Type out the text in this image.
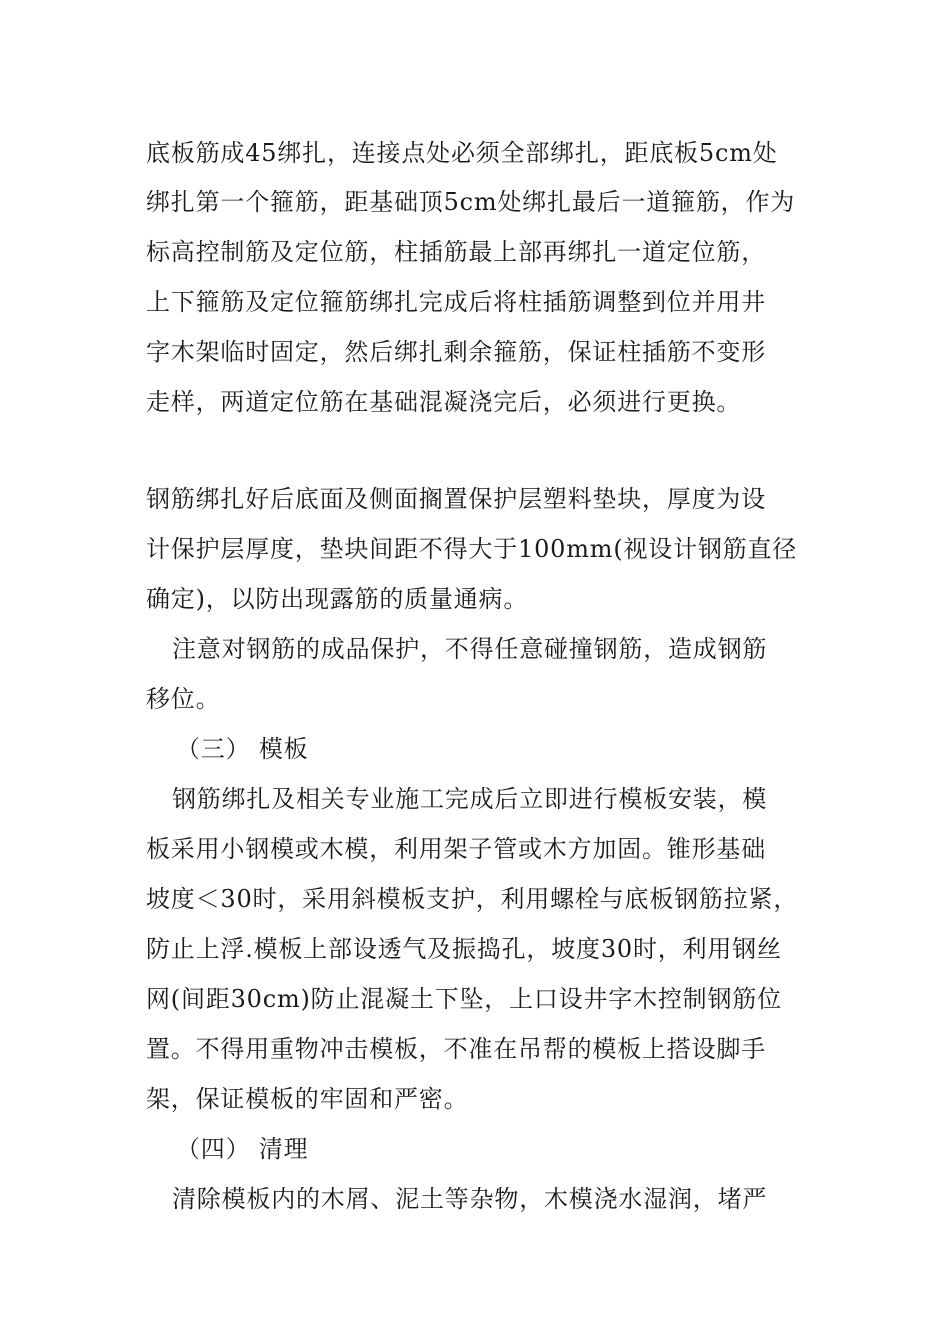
底板筋成45绑扎，连接点处必须全部绑扎，距底板5cm处
绑扎第一个箍筋，距基础顶5cm处绑扎最后一道箍筋，作为
标高控制筋及定位筋，柱插筋最上部再绑扎一道定位筋，
上下箍筋及定位箍筋绑扎完成后将柱插筋调整到位并用井
字木架临时固定，然后绑扎剩余箍筋，保证柱插筋不变形
走样，两道定位筋在基础混凝浇完后，必须进行更换。
钢筋绑扎好后底面及侧面搁置保护层塑料垫块，厚度为设
计保护层厚度，垫块间距不得大于100mm(视设计钢筋直径
确定)，以防出现露筋的质量通病。
注意对钢筋的成品保护，不得任意碰撞钢筋，造成钢筋
移位。
（三） 模板
钢筋绑扎及相关专业施工完成后立即进行模板安装，模
板采用小钢模或木模，利用架子管或木方加固。锥形基础
坡度＜30时，采用斜模板支护，利用螺栓与底板钢筋拉紧，
防止上浮.模板上部设透气及振捣孔，坡度30时，利用钢丝
网(间距30cm)防止混凝土下坠，上口设井字木控制钢筋位
置。不得用重物冲击模板，不准在吊帮的模板上搭设脚手
架，保证模板的牢固和严密。
（四） 清理
清除模板内的木屑、泥土等杂物，木模浇水湿润，堵严
